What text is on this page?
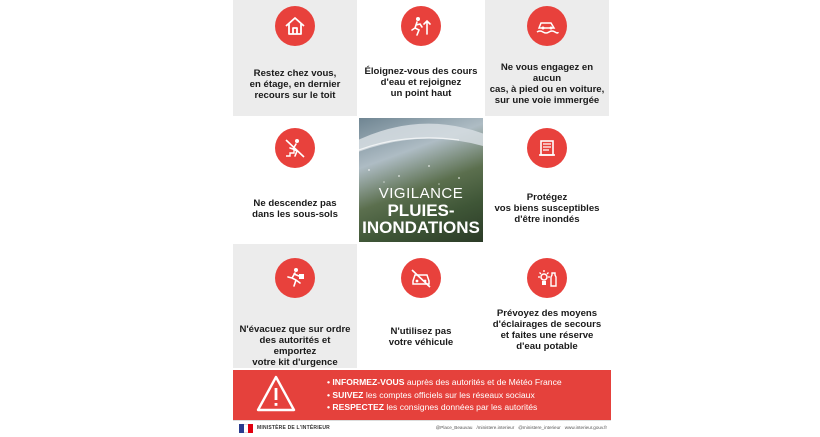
Restez chez vous,
en étage, en dernier
recours sur le toit
Éloignez-vous des cours
d'eau et rejoignez
un point haut
Ne vous engagez en aucun
cas, à pied ou en voiture,
sur une voie immergée
Ne descendez pas
dans les sous-sols
VIGILANCE
PLUIES-
INONDATIONS
Protégez
vos biens susceptibles
d'être inondés
N'évacuez que sur ordre
des autorités et emportez
votre kit d'urgence
N'utilisez pas
votre véhicule
Prévoyez des moyens
d'éclairages de secours
et faites une réserve
d'eau potable
• INFORMEZ-VOUS auprès des autorités et de Météo France
• SUIVEZ les comptes officiels sur les réseaux sociaux
• RESPECTEZ les consignes données par les autorités
MINISTÈRE DE L'INTÉRIEUR	@Place_Beauvau /ministere.interieur @ministere_interieur www.interieur.gouv.fr
